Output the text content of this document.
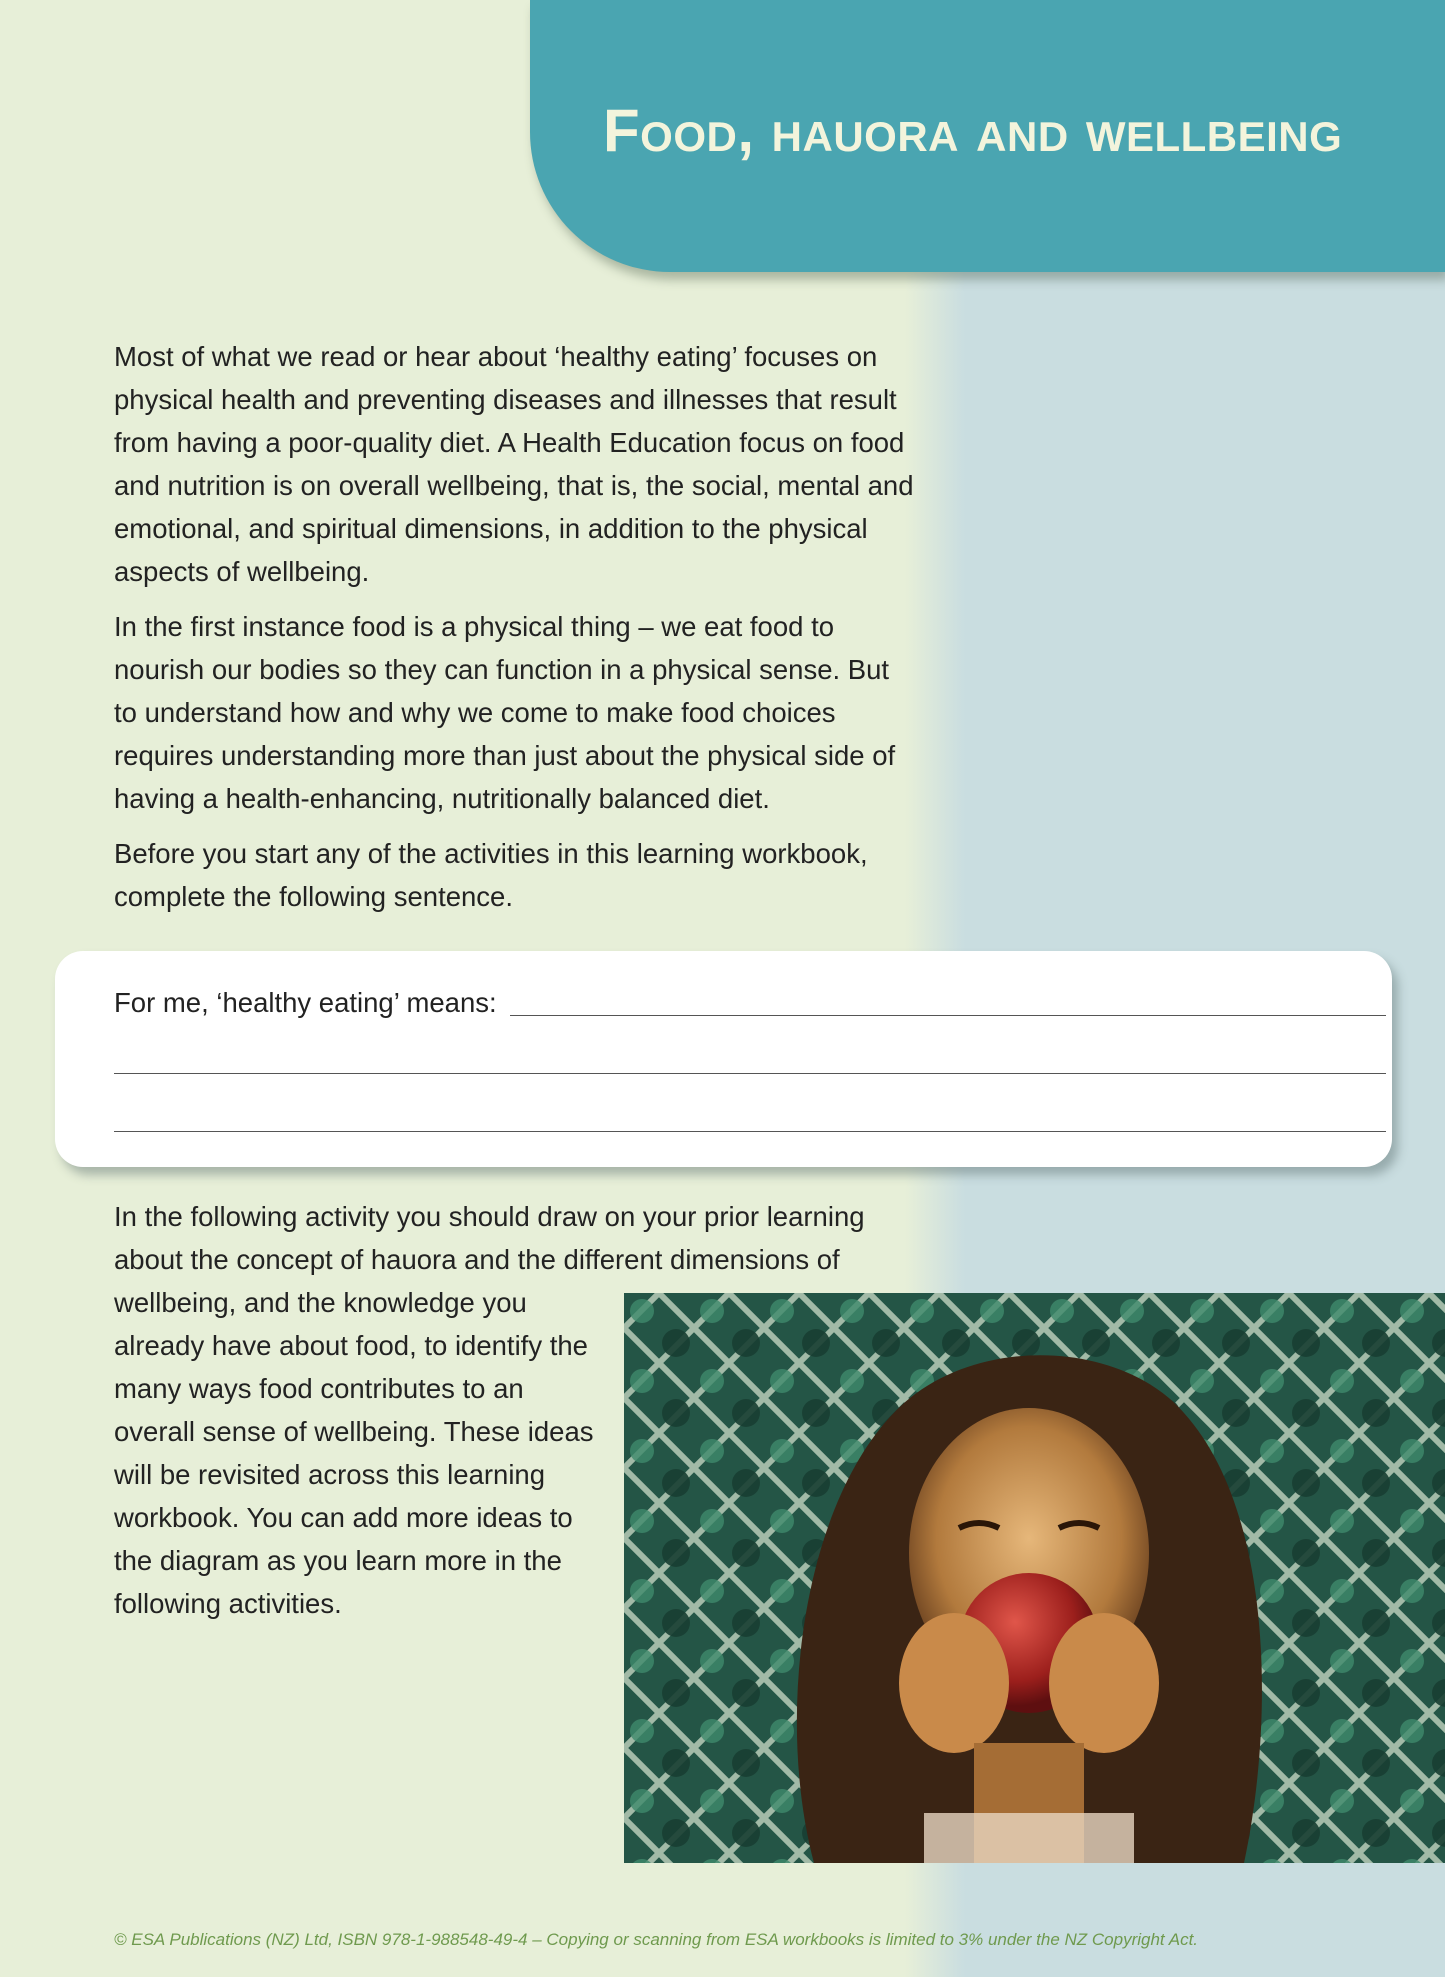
Food, hauora and wellbeing

Most of what we read or hear about ‘healthy eating’ focuses on physical health and preventing diseases and illnesses that result from having a poor-quality diet. A Health Education focus on food and nutrition is on overall wellbeing, that is, the social, mental and emotional, and spiritual dimensions, in addition to the physical aspects of wellbeing.

In the first instance food is a physical thing – we eat food to nourish our bodies so they can function in a physical sense. But to understand how and why we come to make food choices requires understanding more than just about the physical side of having a health-enhancing, nutritionally balanced diet.

Before you start any of the activities in this learning workbook, complete the following sentence.

For me, ‘healthy eating’ means:
In the following activity you should draw on your prior learning
about the concept of hauora and the different dimensions of
wellbeing, and the knowledge you
already have about food, to identify the
many ways food contributes to an
overall sense of wellbeing. These ideas
will be revisited across this learning
workbook. You can add more ideas to
the diagram as you learn more in the
following activities.
© ESA Publications (NZ) Ltd, ISBN 978-1-988548-49-4 – Copying or scanning from ESA workbooks is limited to 3% under the NZ Copyright Act.
